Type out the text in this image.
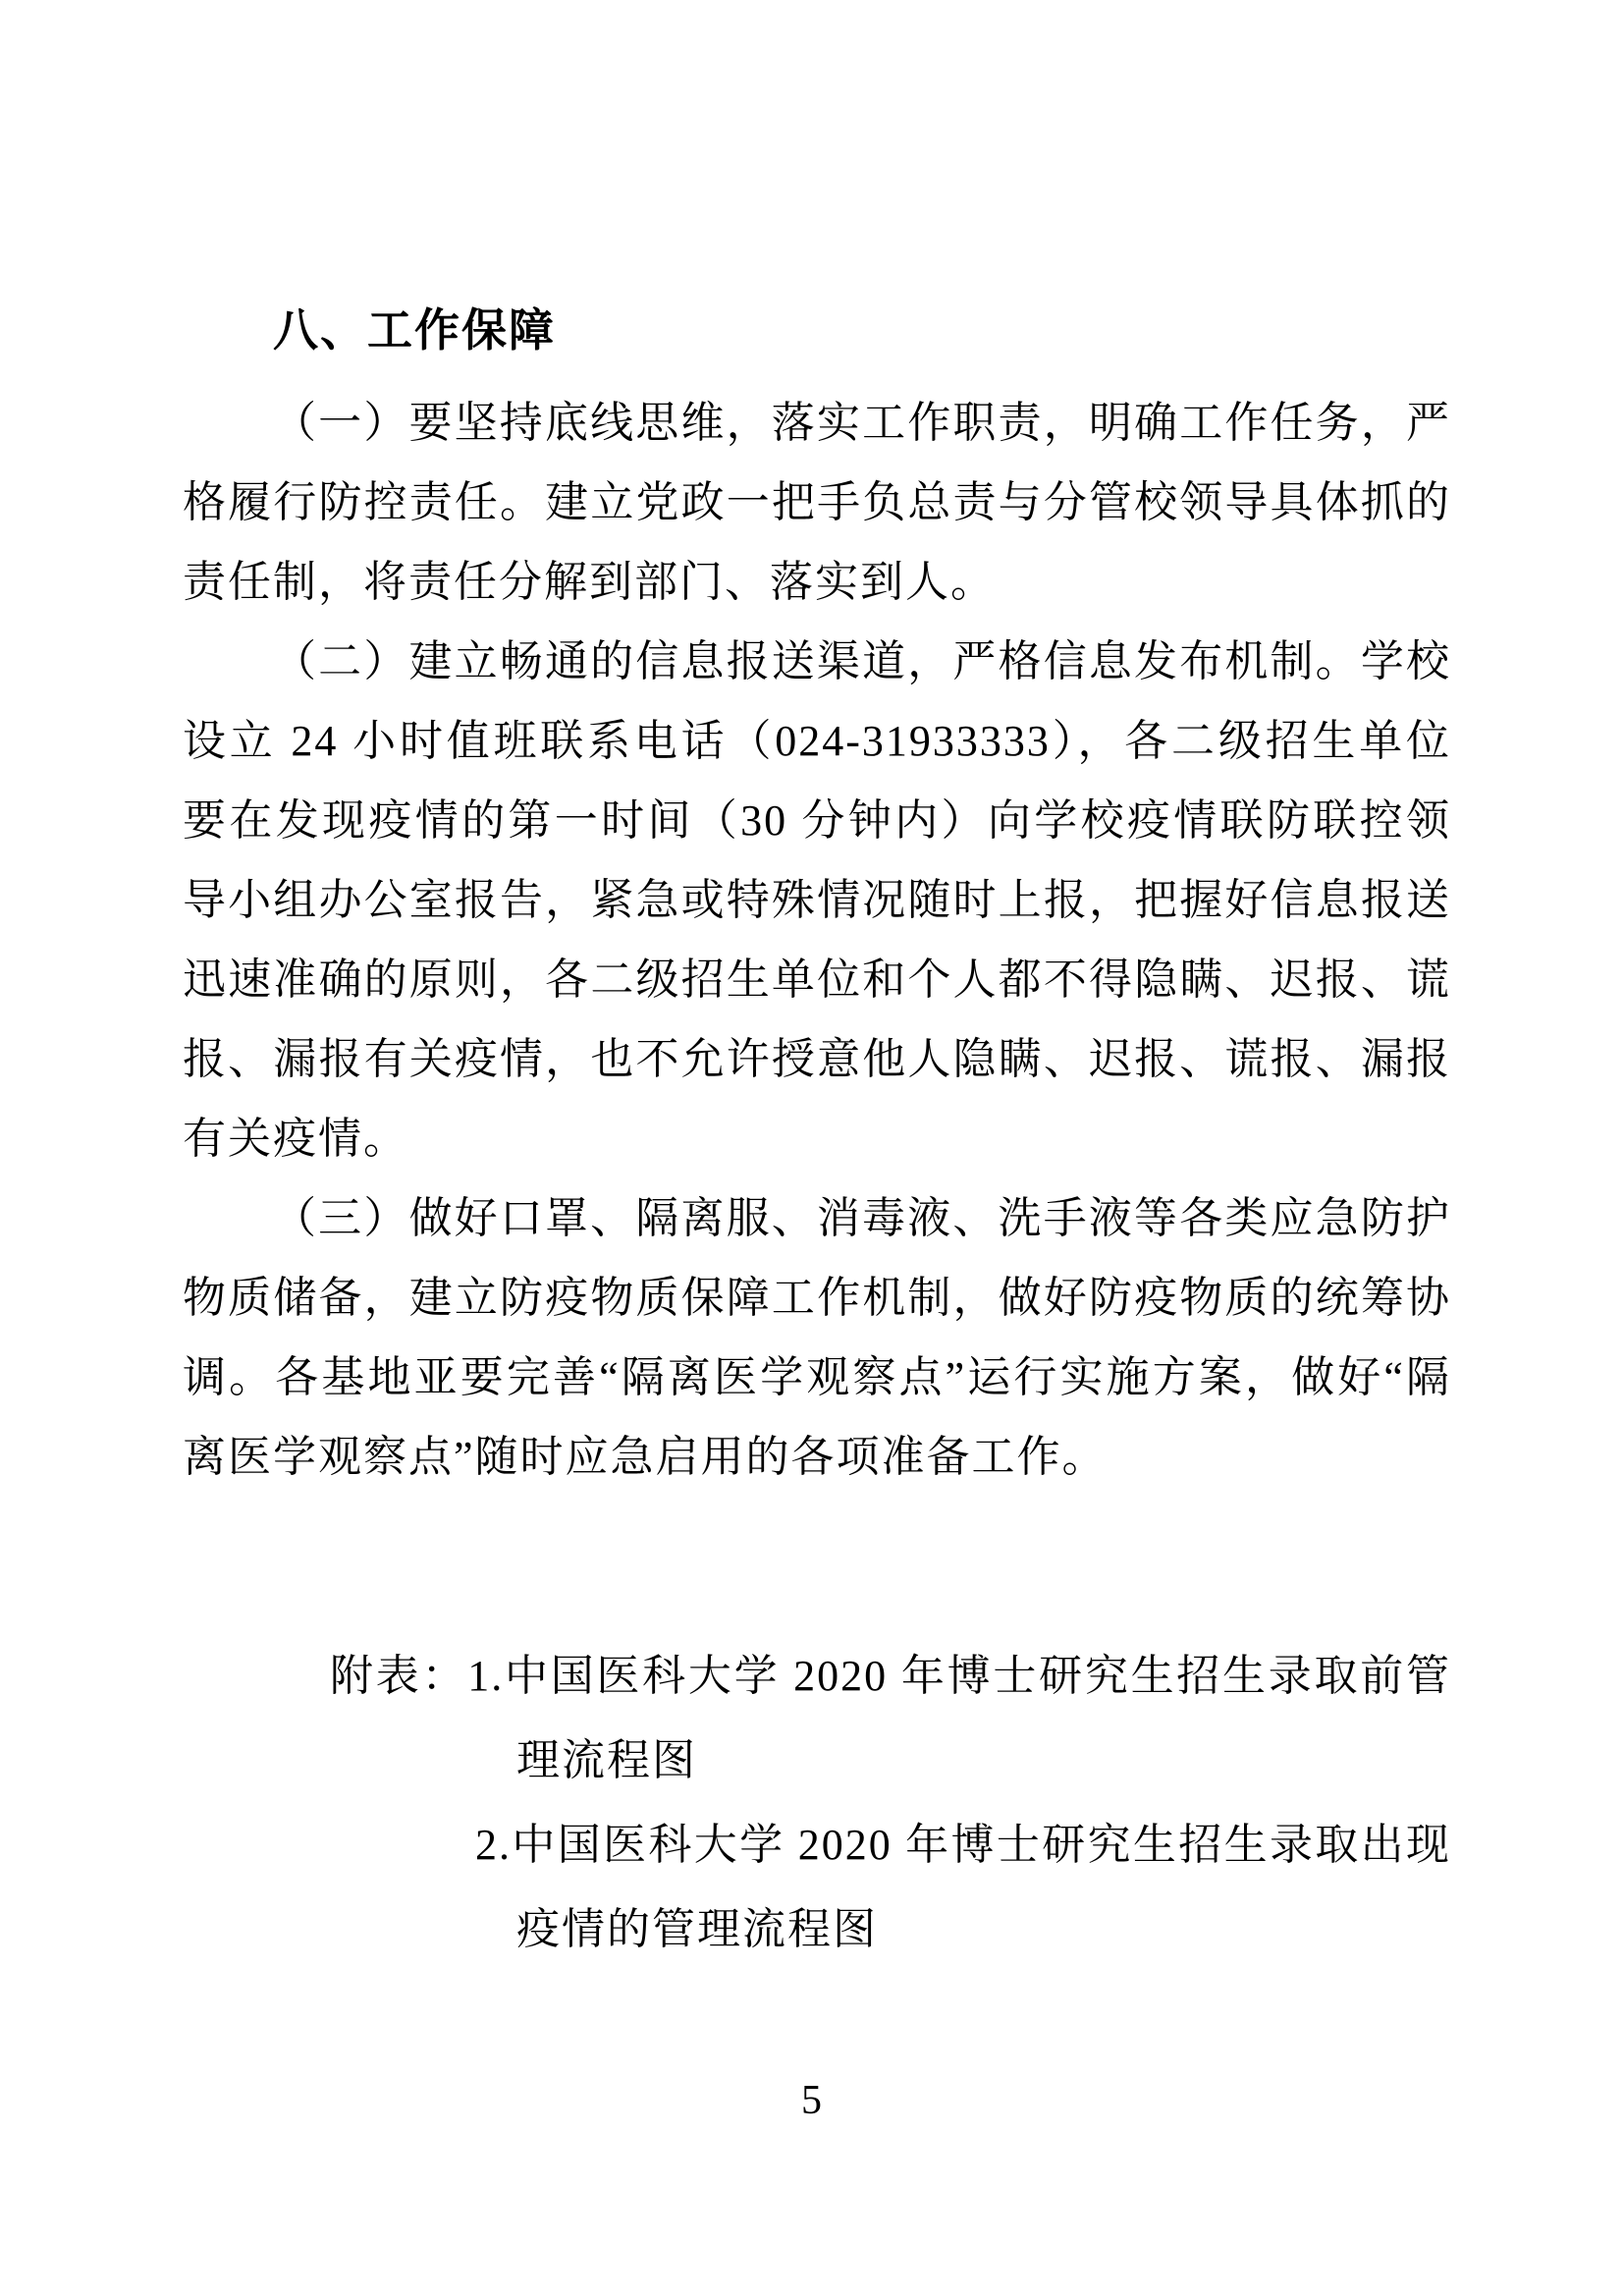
八、工作保障

（一）要坚持底线思维，落实工作职责，明确工作任务，严格履行防控责任。建立党政一把手负总责与分管校领导具体抓的责任制，将责任分解到部门、落实到人。

（二）建立畅通的信息报送渠道，严格信息发布机制。学校设立 24 小时值班联系电话（024-31933333），各二级招生单位要在发现疫情的第一时间（30 分钟内）向学校疫情联防联控领导小组办公室报告，紧急或特殊情况随时上报，把握好信息报送迅速准确的原则，各二级招生单位和个人都不得隐瞒、迟报、谎报、漏报有关疫情，也不允许授意他人隐瞒、迟报、谎报、漏报有关疫情。

（三）做好口罩、隔离服、消毒液、洗手液等各类应急防护物质储备，建立防疫物质保障工作机制，做好防疫物质的统筹协调。各基地亚要完善“隔离医学观察点”运行实施方案，做好“隔离医学观察点”随时应急启用的各项准备工作。

附表：1.中国医科大学 2020 年博士研究生招生录取前管理流程图
2.中国医科大学 2020 年博士研究生招生录取出现疫情的管理流程图
5
